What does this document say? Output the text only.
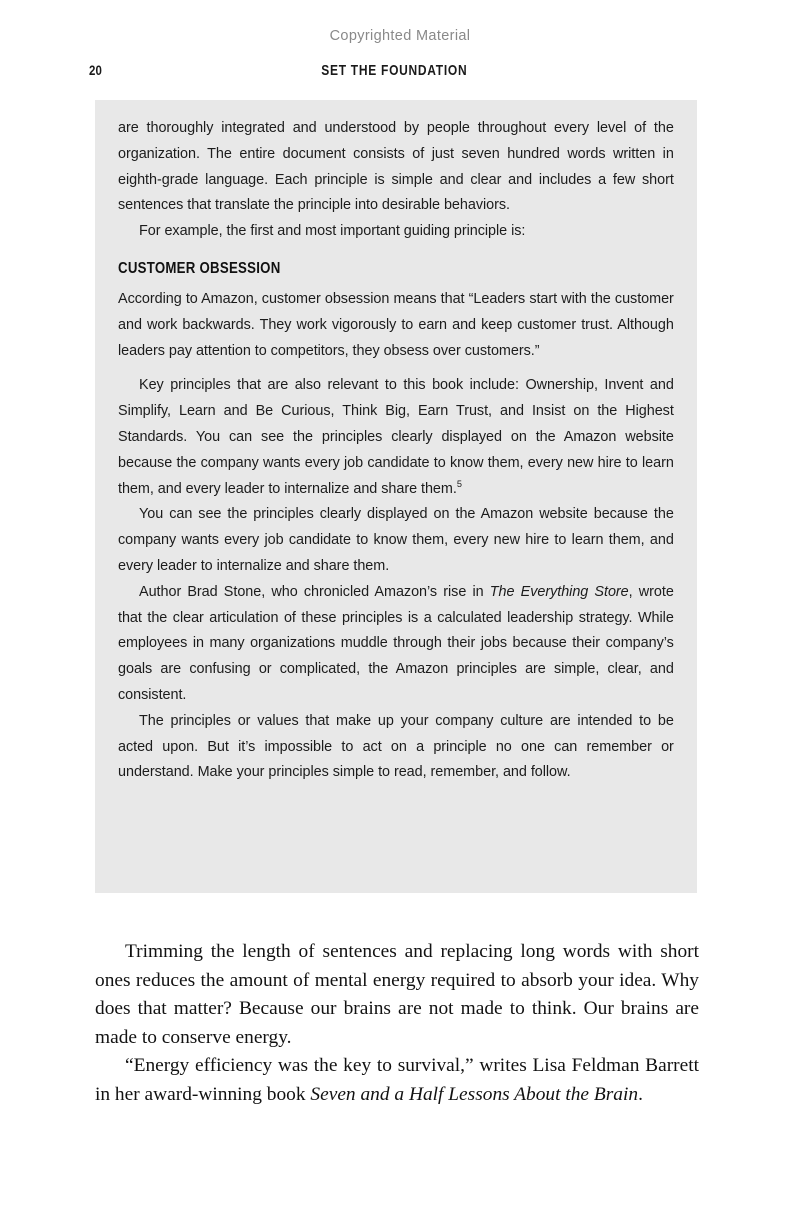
Copyrighted Material
20	SET THE FOUNDATION

are thoroughly integrated and understood by people throughout every level of the organization. The entire document consists of just seven hundred words written in eighth-grade language. Each principle is simple and clear and includes a few short sentences that translate the principle into desirable behaviors.

For example, the first and most important guiding principle is:

CUSTOMER OBSESSION

According to Amazon, customer obsession means that “Leaders start with the customer and work backwards. They work vigorously to earn and keep customer trust. Although leaders pay attention to competitors, they obsess over customers.”

Key principles that are also relevant to this book include: Ownership, Invent and Simplify, Learn and Be Curious, Think Big, Earn Trust, and Insist on the Highest Standards. You can see the principles clearly displayed on the Amazon website because the company wants every job candidate to know them, every new hire to learn them, and every leader to internalize and share them.$^5$

You can see the principles clearly displayed on the Amazon website because the company wants every job candidate to know them, every new hire to learn them, and every leader to internalize and share them.

Author Brad Stone, who chronicled Amazon’s rise in The Everything Store, wrote that the clear articulation of these principles is a calculated leadership strategy. While employees in many organizations muddle through their jobs because their company’s goals are confusing or complicated, the Amazon principles are simple, clear, and consistent.

The principles or values that make up your company culture are intended to be acted upon. But it’s impossible to act on a principle no one can remember or understand. Make your principles simple to read, remember, and follow.

Trimming the length of sentences and replacing long words with short ones reduces the amount of mental energy required to absorb your idea. Why does that matter? Because our brains are not made to think. Our brains are made to conserve energy.

“Energy efficiency was the key to survival,” writes Lisa Feldman Barrett in her award-winning book Seven and a Half Lessons About the Brain.
